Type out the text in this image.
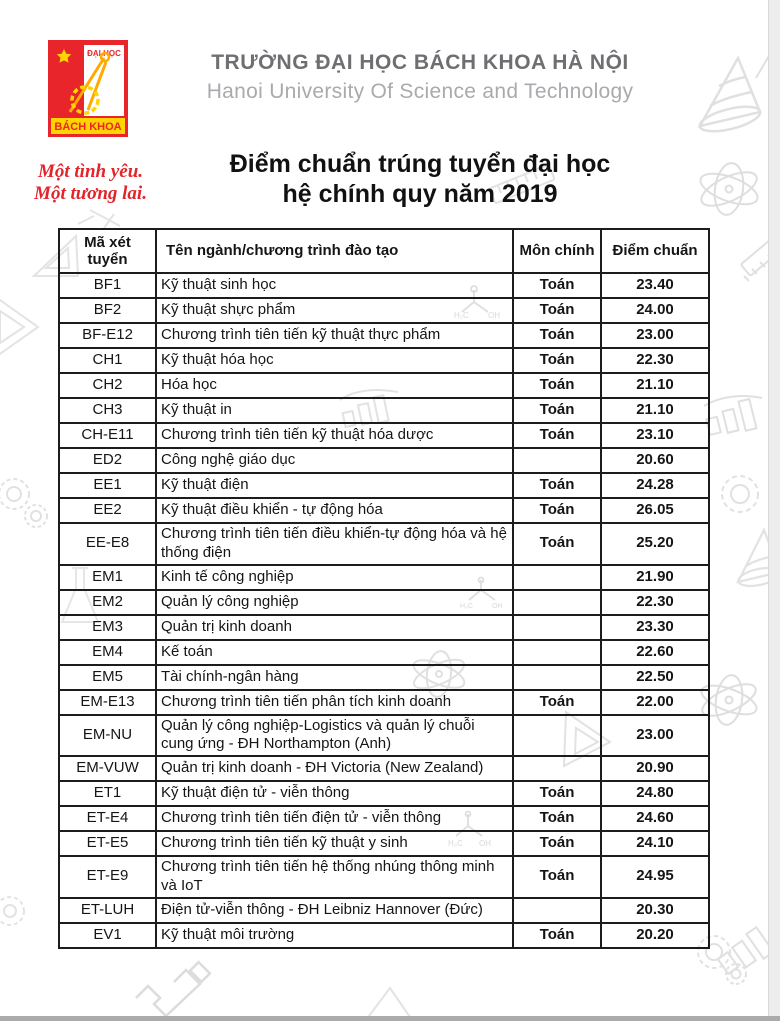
H₃C OH
H₃C	OH
H₃C OH
ĐẠI HỌC
BÁCH KHOA
Một tình yêu.
Một tương lai.
TRƯỜNG ĐẠI HỌC BÁCH KHOA HÀ NỘI
Hanoi University Of Science and Technology
Điểm chuẩn trúng tuyển đại học
hệ chính quy năm 2019
Mã xét tuyển	Tên ngành/chương trình đào tạo	Môn chính	Điểm chuẩn
BF1	Kỹ thuật sinh học	Toán	23.40
BF2	Kỹ thuật shực phẩm	Toán	24.00
BF-E12	Chương trình tiên tiến kỹ thuật thực phẩm	Toán	23.00
CH1	Kỹ thuật hóa học	Toán	22.30
CH2	Hóa học	Toán	21.10
CH3	Kỹ thuật in	Toán	21.10
CH-E11	Chương trình tiên tiến kỹ thuật hóa dược	Toán	23.10
ED2	Công nghệ giáo dục		20.60
EE1	Kỹ thuật điện	Toán	24.28
EE2	Kỹ thuật điều khiển - tự động hóa	Toán	26.05
EE-E8	Chương trình tiên tiến điều khiển-tự động hóa và hệ thống điện	Toán	25.20
EM1	Kinh tế công nghiệp		21.90
EM2	Quản lý công nghiệp		22.30
EM3	Quản trị kinh doanh		23.30
EM4	Kế toán		22.60
EM5	Tài chính-ngân hàng		22.50
EM-E13	Chương trình tiên tiến phân tích kinh doanh	Toán	22.00
EM-NU	Quản lý công nghiệp-Logistics và quản lý chuỗi cung ứng - ĐH Northampton (Anh)		23.00
EM-VUW	Quản trị kinh doanh - ĐH Victoria (New Zealand)		20.90
ET1	Kỹ thuật điện tử - viễn thông	Toán	24.80
ET-E4	Chương trình tiên tiến điện tử - viễn thông	Toán	24.60
ET-E5	Chương trình tiên tiến kỹ thuật y sinh	Toán	24.10
ET-E9	Chương trình tiên tiến hệ thống nhúng thông minh và IoT	Toán	24.95
ET-LUH	Điện tử-viễn thông - ĐH Leibniz Hannover (Đức)		20.30
EV1	Kỹ thuật môi trường	Toán	20.20
